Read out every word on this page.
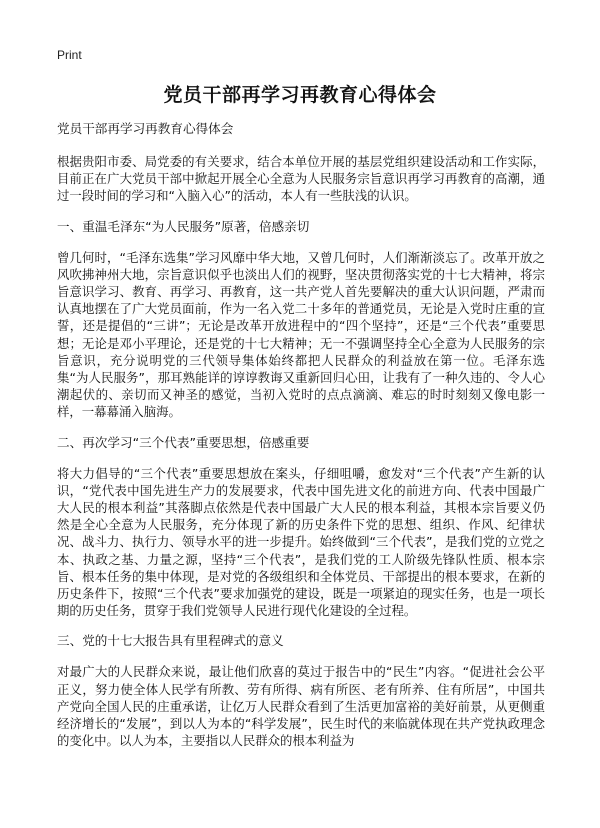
Print
党员干部再学习再教育心得体会

党员干部再学习再教育心得体会

根据贵阳市委、局党委的有关要求，结合本单位开展的基层党组织建设活动和工作实际，目前正在广大党员干部中掀起开展全心全意为人民服务宗旨意识再学习再教育的高潮，通过一段时间的学习和“入脑入心”的活动，本人有一些肤浅的认识。

一、重温毛泽东“为人民服务”原著，倍感亲切

曾几何时，“毛泽东选集”学习风靡中华大地，又曾几何时，人们渐渐淡忘了。改革开放之风吹拂神州大地，宗旨意识似乎也淡出人们的视野，坚决贯彻落实党的十七大精神，将宗旨意识学习、教育、再学习、再教育，这一共产党人首先要解决的重大认识问题，严肃而认真地摆在了广大党员面前，作为一名入党二十多年的普通党员，无论是入党时庄重的宣誓，还是提倡的“三讲”；无论是改革开放进程中的“四个坚持”，还是“三个代表”重要思想；无论是邓小平理论，还是党的十七大精神；无一不强调坚持全心全意为人民服务的宗旨意识，充分说明党的三代领导集体始终都把人民群众的利益放在第一位。毛泽东选集“为人民服务”，那耳熟能详的谆谆教诲又重新回归心田，让我有了一种久违的、令人心潮起伏的、亲切而又神圣的感觉，当初入党时的点点滴滴、难忘的时时刻刻又像电影一样，一幕幕涌入脑海。

二、再次学习“三个代表”重要思想，倍感重要

将大力倡导的“三个代表”重要思想放在案头，仔细咀嚼，愈发对“三个代表”产生新的认识，“党代表中国先进生产力的发展要求，代表中国先进文化的前进方向、代表中国最广大人民的根本利益”其落脚点依然是代表中国最广大人民的根本利益，其根本宗旨要义仍然是全心全意为人民服务，充分体现了新的历史条件下党的思想、组织、作风、纪律状况、战斗力、执行力、领导水平的进一步提升。始终做到“三个代表”，是我们党的立党之本、执政之基、力量之源，坚持“三个代表”，是我们党的工人阶级先锋队性质、根本宗旨、根本任务的集中体现，是对党的各级组织和全体党员、干部提出的根本要求，在新的历史条件下，按照“三个代表”要求加强党的建设，既是一项紧迫的现实任务，也是一项长期的历史任务，贯穿于我们党领导人民进行现代化建设的全过程。

三、党的十七大报告具有里程碑式的意义

对最广大的人民群众来说，最让他们欣喜的莫过于报告中的“民生”内容。“促进社会公平正义，努力使全体人民学有所教、劳有所得、病有所医、老有所养、住有所居”，中国共产党向全国人民的庄重承诺，让亿万人民群众看到了生活更加富裕的美好前景，从更侧重经济增长的“发展”，到以人为本的“科学发展”，民生时代的来临就体现在共产党执政理念的变化中。以人为本，主要指以人民群众的根本利益为
